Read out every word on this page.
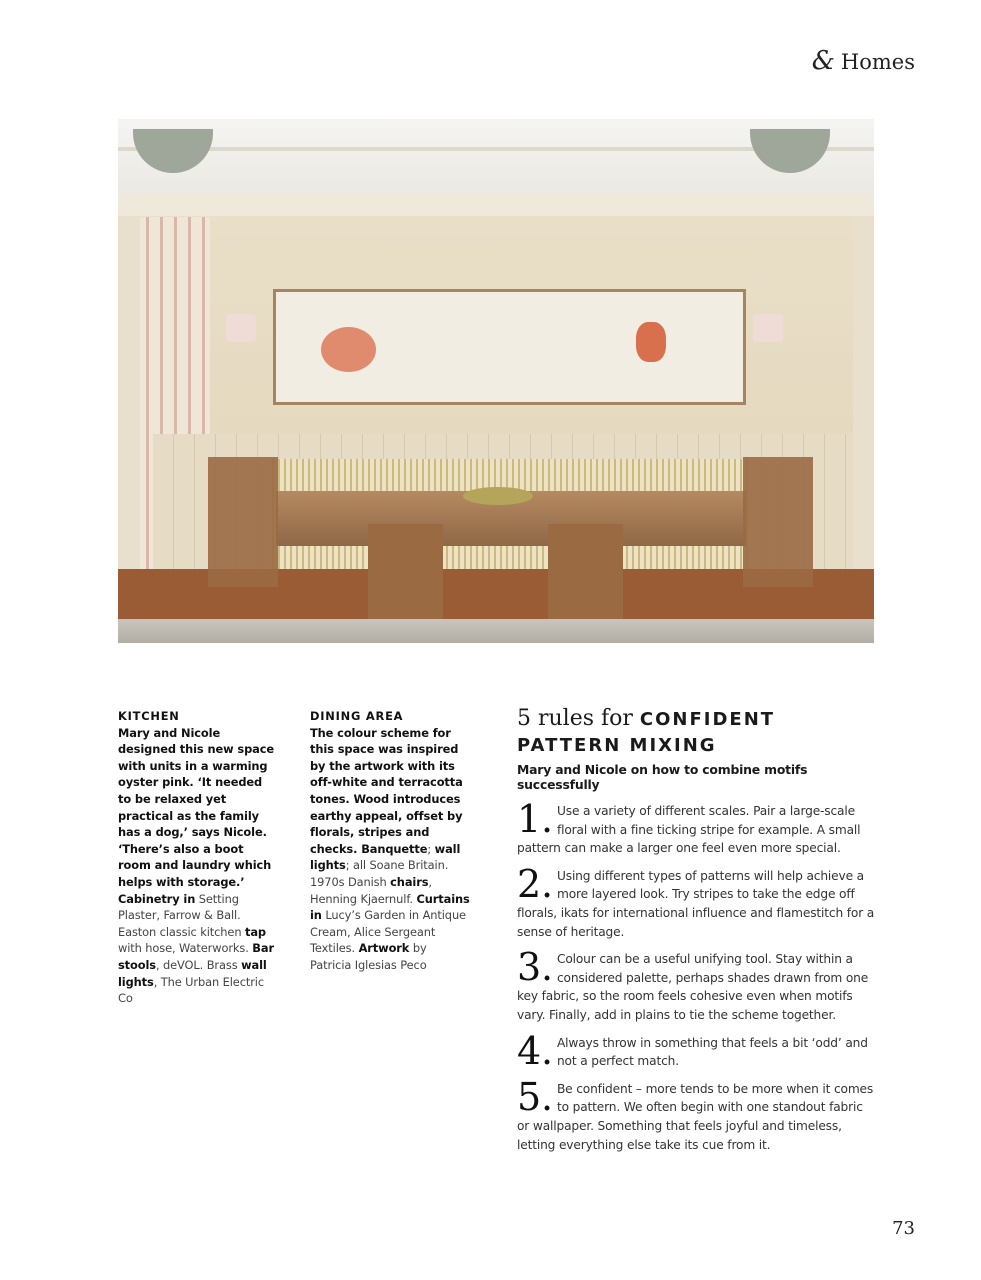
& Homes
KITCHEN
Mary and Nicole designed this new space with units in a warming oyster pink. ‘It needed to be relaxed yet practical as the family has a dog,’ says Nicole. ‘There’s also a boot room and laundry which helps with storage.’ Cabinetry in Setting Plaster, Farrow & Ball. Easton classic kitchen tap with hose, Waterworks. Bar stools, deVOL. Brass wall lights, The Urban Electric Co
DINING AREA
The colour scheme for this space was inspired by the artwork with its off-white and terracotta tones. Wood introduces earthy appeal, offset by florals, stripes and checks. Banquette; wall lights; all Soane Britain. 1970s Danish chairs, Henning Kjaernulf. Curtains in Lucy’s Garden in Antique Cream, Alice Sergeant Textiles. Artwork by Patricia Iglesias Peco
5 rules for CONFIDENT PATTERN MIXING
Mary and Nicole on how to combine motifs successfully
1. Use a variety of different scales. Pair a large-scale floral with a fine ticking stripe for example. A small pattern can make a larger one feel even more special.
2. Using different types of patterns will help achieve a more layered look. Try stripes to take the edge off florals, ikats for international influence and flamestitch for a sense of heritage.
3. Colour can be a useful unifying tool. Stay within a considered palette, perhaps shades drawn from one key fabric, so the room feels cohesive even when motifs vary. Finally, add in plains to tie the scheme together.
4. Always throw in something that feels a bit ‘odd’ and not a perfect match.
5. Be confident – more tends to be more when it comes to pattern. We often begin with one standout fabric or wallpaper. Something that feels joyful and timeless, letting everything else take its cue from it.
73
